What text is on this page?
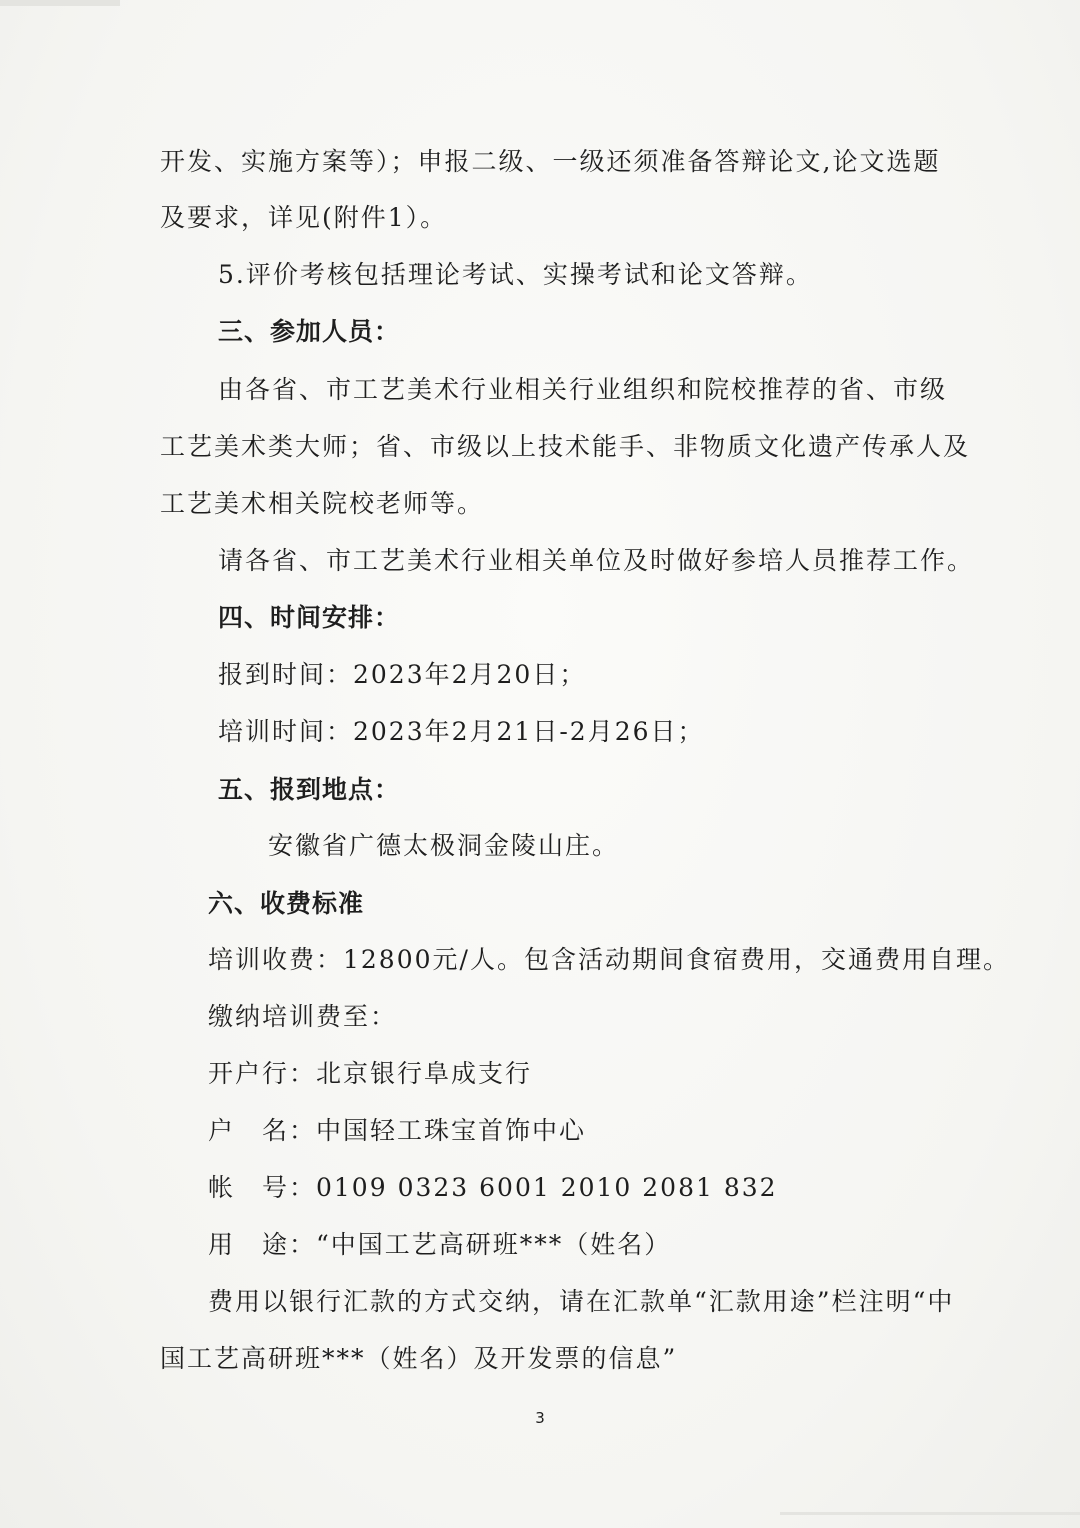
开发、实施方案等）；申报二级、一级还须准备答辩论文,论文选题
及要求，详见(附件1）。
5.评价考核包括理论考试、实操考试和论文答辩。
三、参加人员：
由各省、市工艺美术行业相关行业组织和院校推荐的省、市级
工艺美术类大师；省、市级以上技术能手、非物质文化遗产传承人及
工艺美术相关院校老师等。
请各省、市工艺美术行业相关单位及时做好参培人员推荐工作。
四、时间安排：
报到时间：2023年2月20日；
培训时间：2023年2月21日-2月26日；
五、报到地点：
安徽省广德太极洞金陵山庄。
六、收费标准
培训收费：12800元/人。包含活动期间食宿费用，交通费用自理。
缴纳培训费至：
开户行：北京银行阜成支行
户　名：中国轻工珠宝首饰中心
帐　号：0109 0323 6001 2010 2081 832
用　途：“中国工艺高研班***（姓名）
费用以银行汇款的方式交纳，请在汇款单“汇款用途”栏注明“中
国工艺高研班***（姓名）及开发票的信息”
3
